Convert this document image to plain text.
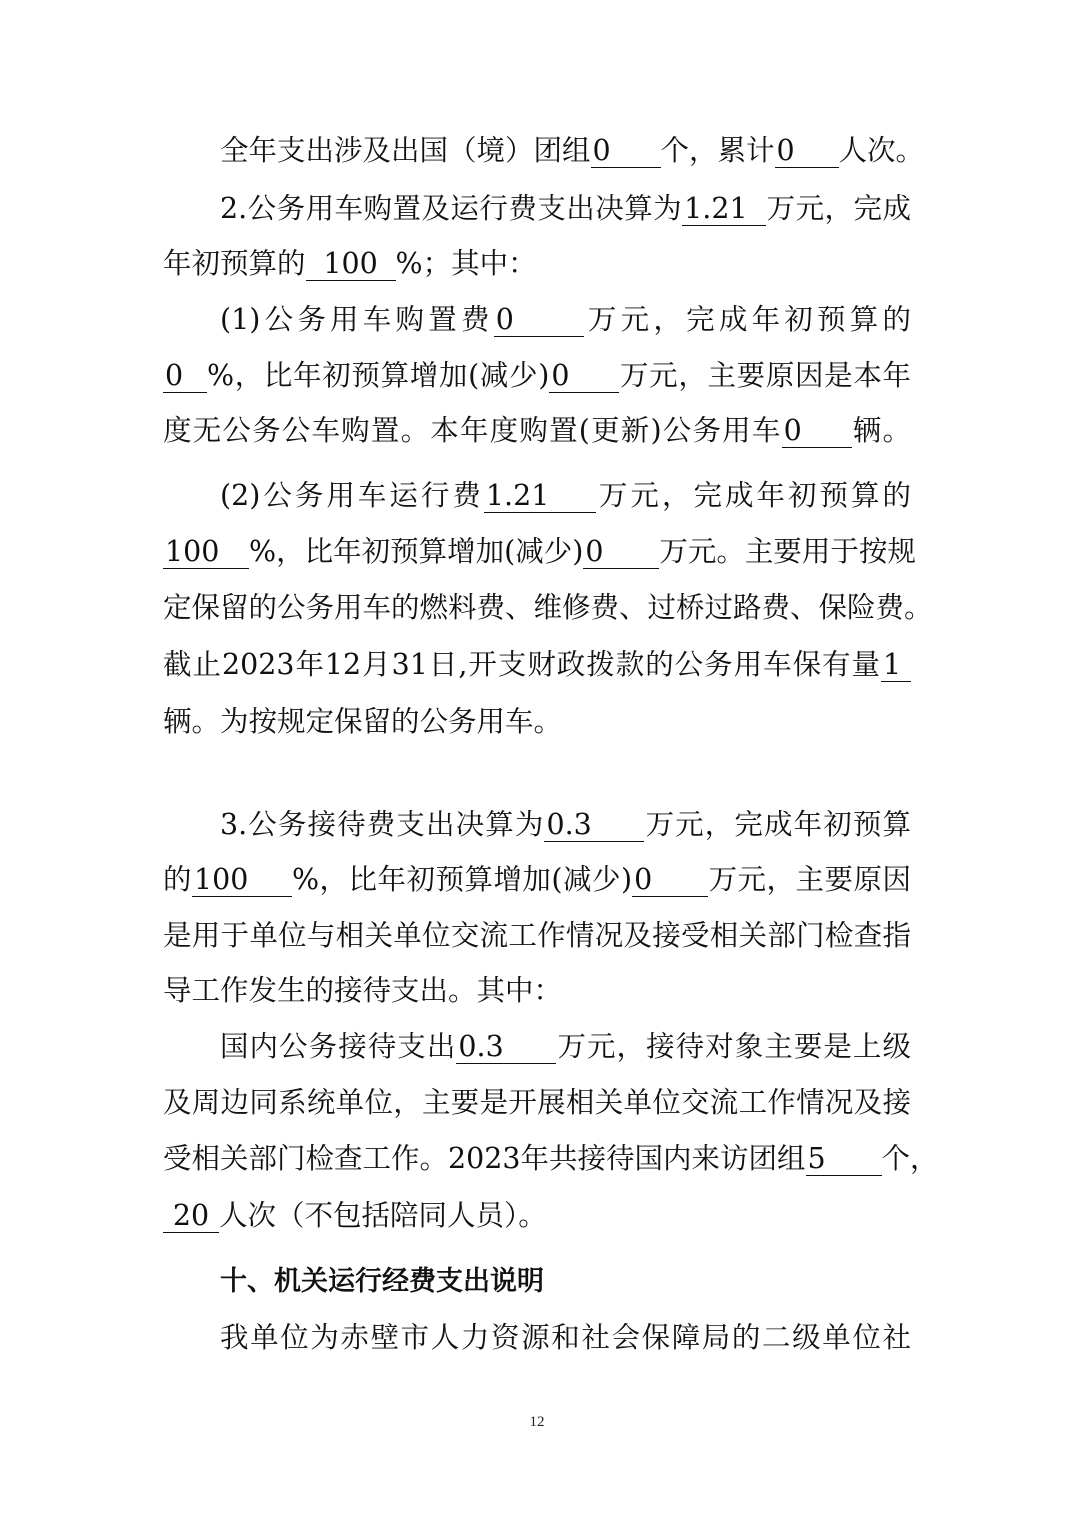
全年支出涉及出国（境）团组0 个，累计0 人次。
2.公务用车购置及运行费支出决算为1.21 万元，完成
年初预算的 100 %；其中：
(1)公务用车购置费0 万元，完成年初预算的
0 %，比年初预算增加(减少)0 万元，主要原因是本年
度无公务公车购置。本年度购置(更新)公务用车0 辆。
(2)公务用车运行费1.21 万元，完成年初预算的
100 %，比年初预算增加(减少)0 万元。主要用于按规
定保留的公务用车的燃料费、维修费、过桥过路费、保险费。
截止2023年12月31日,开支财政拨款的公务用车保有量1
辆。为按规定保留的公务用车。
3.公务接待费支出决算为0.3 万元，完成年初预算
的100 %，比年初预算增加(减少)0 万元，主要原因
是用于单位与相关单位交流工作情况及接受相关部门检查指
导工作发生的接待支出。其中：
国内公务接待支出0.3 万元，接待对象主要是上级
及周边同系统单位，主要是开展相关单位交流工作情况及接
受相关部门检查工作。2023年共接待国内来访团组5 个，
20 人次（不包括陪同人员）。
十、机关运行经费支出说明
我单位为赤壁市人力资源和社会保障局的二级单位社
12
